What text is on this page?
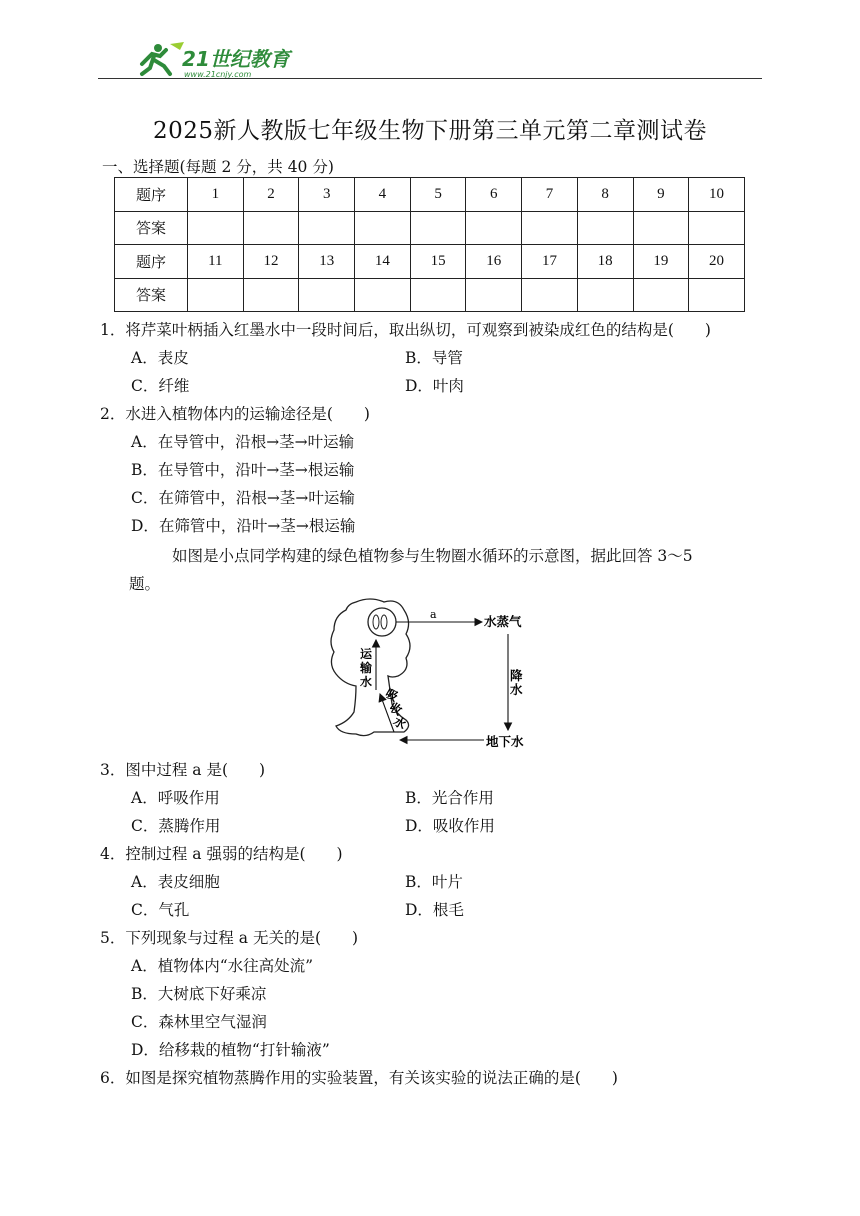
21世纪教育
www.21cnjy.com
2025新人教版七年级生物下册第三单元第二章测试卷
一、选择题(每题 2 分，共 40 分)
题序	1	2	3	4	5	6	7	8	9	10
答案										
题序	11	12	13	14	15	16	17	18	19	20
答案										
1．将芹菜叶柄插入红墨水中一段时间后，取出纵切，可观察到被染成红色的结构是(　　)
A．表皮	B．导管
C．纤维	D．叶肉
2．水进入植物体内的运输途径是(　　)
A．在导管中，沿根→茎→叶运输
B．在导管中，沿叶→茎→根运输
C．在筛管中，沿根→茎→叶运输
D．在筛管中，沿叶→茎→根运输
如图是小点同学构建的绿色植物参与生物圈水循环的示意图，据此回答 3～5
题。
a	水蒸气
降
水
地下水
运
输
水
吸
收
水
3．图中过程 a 是(　　)
A．呼吸作用	B．光合作用
C．蒸腾作用	D．吸收作用
4．控制过程 a 强弱的结构是(　　)
A．表皮细胞	B．叶片
C．气孔	D．根毛
5．下列现象与过程 a 无关的是(　　)
A．植物体内“水往高处流”
B．大树底下好乘凉
C．森林里空气湿润
D．给移栽的植物“打针输液”
6．如图是探究植物蒸腾作用的实验装置，有关该实验的说法正确的是(　　)
